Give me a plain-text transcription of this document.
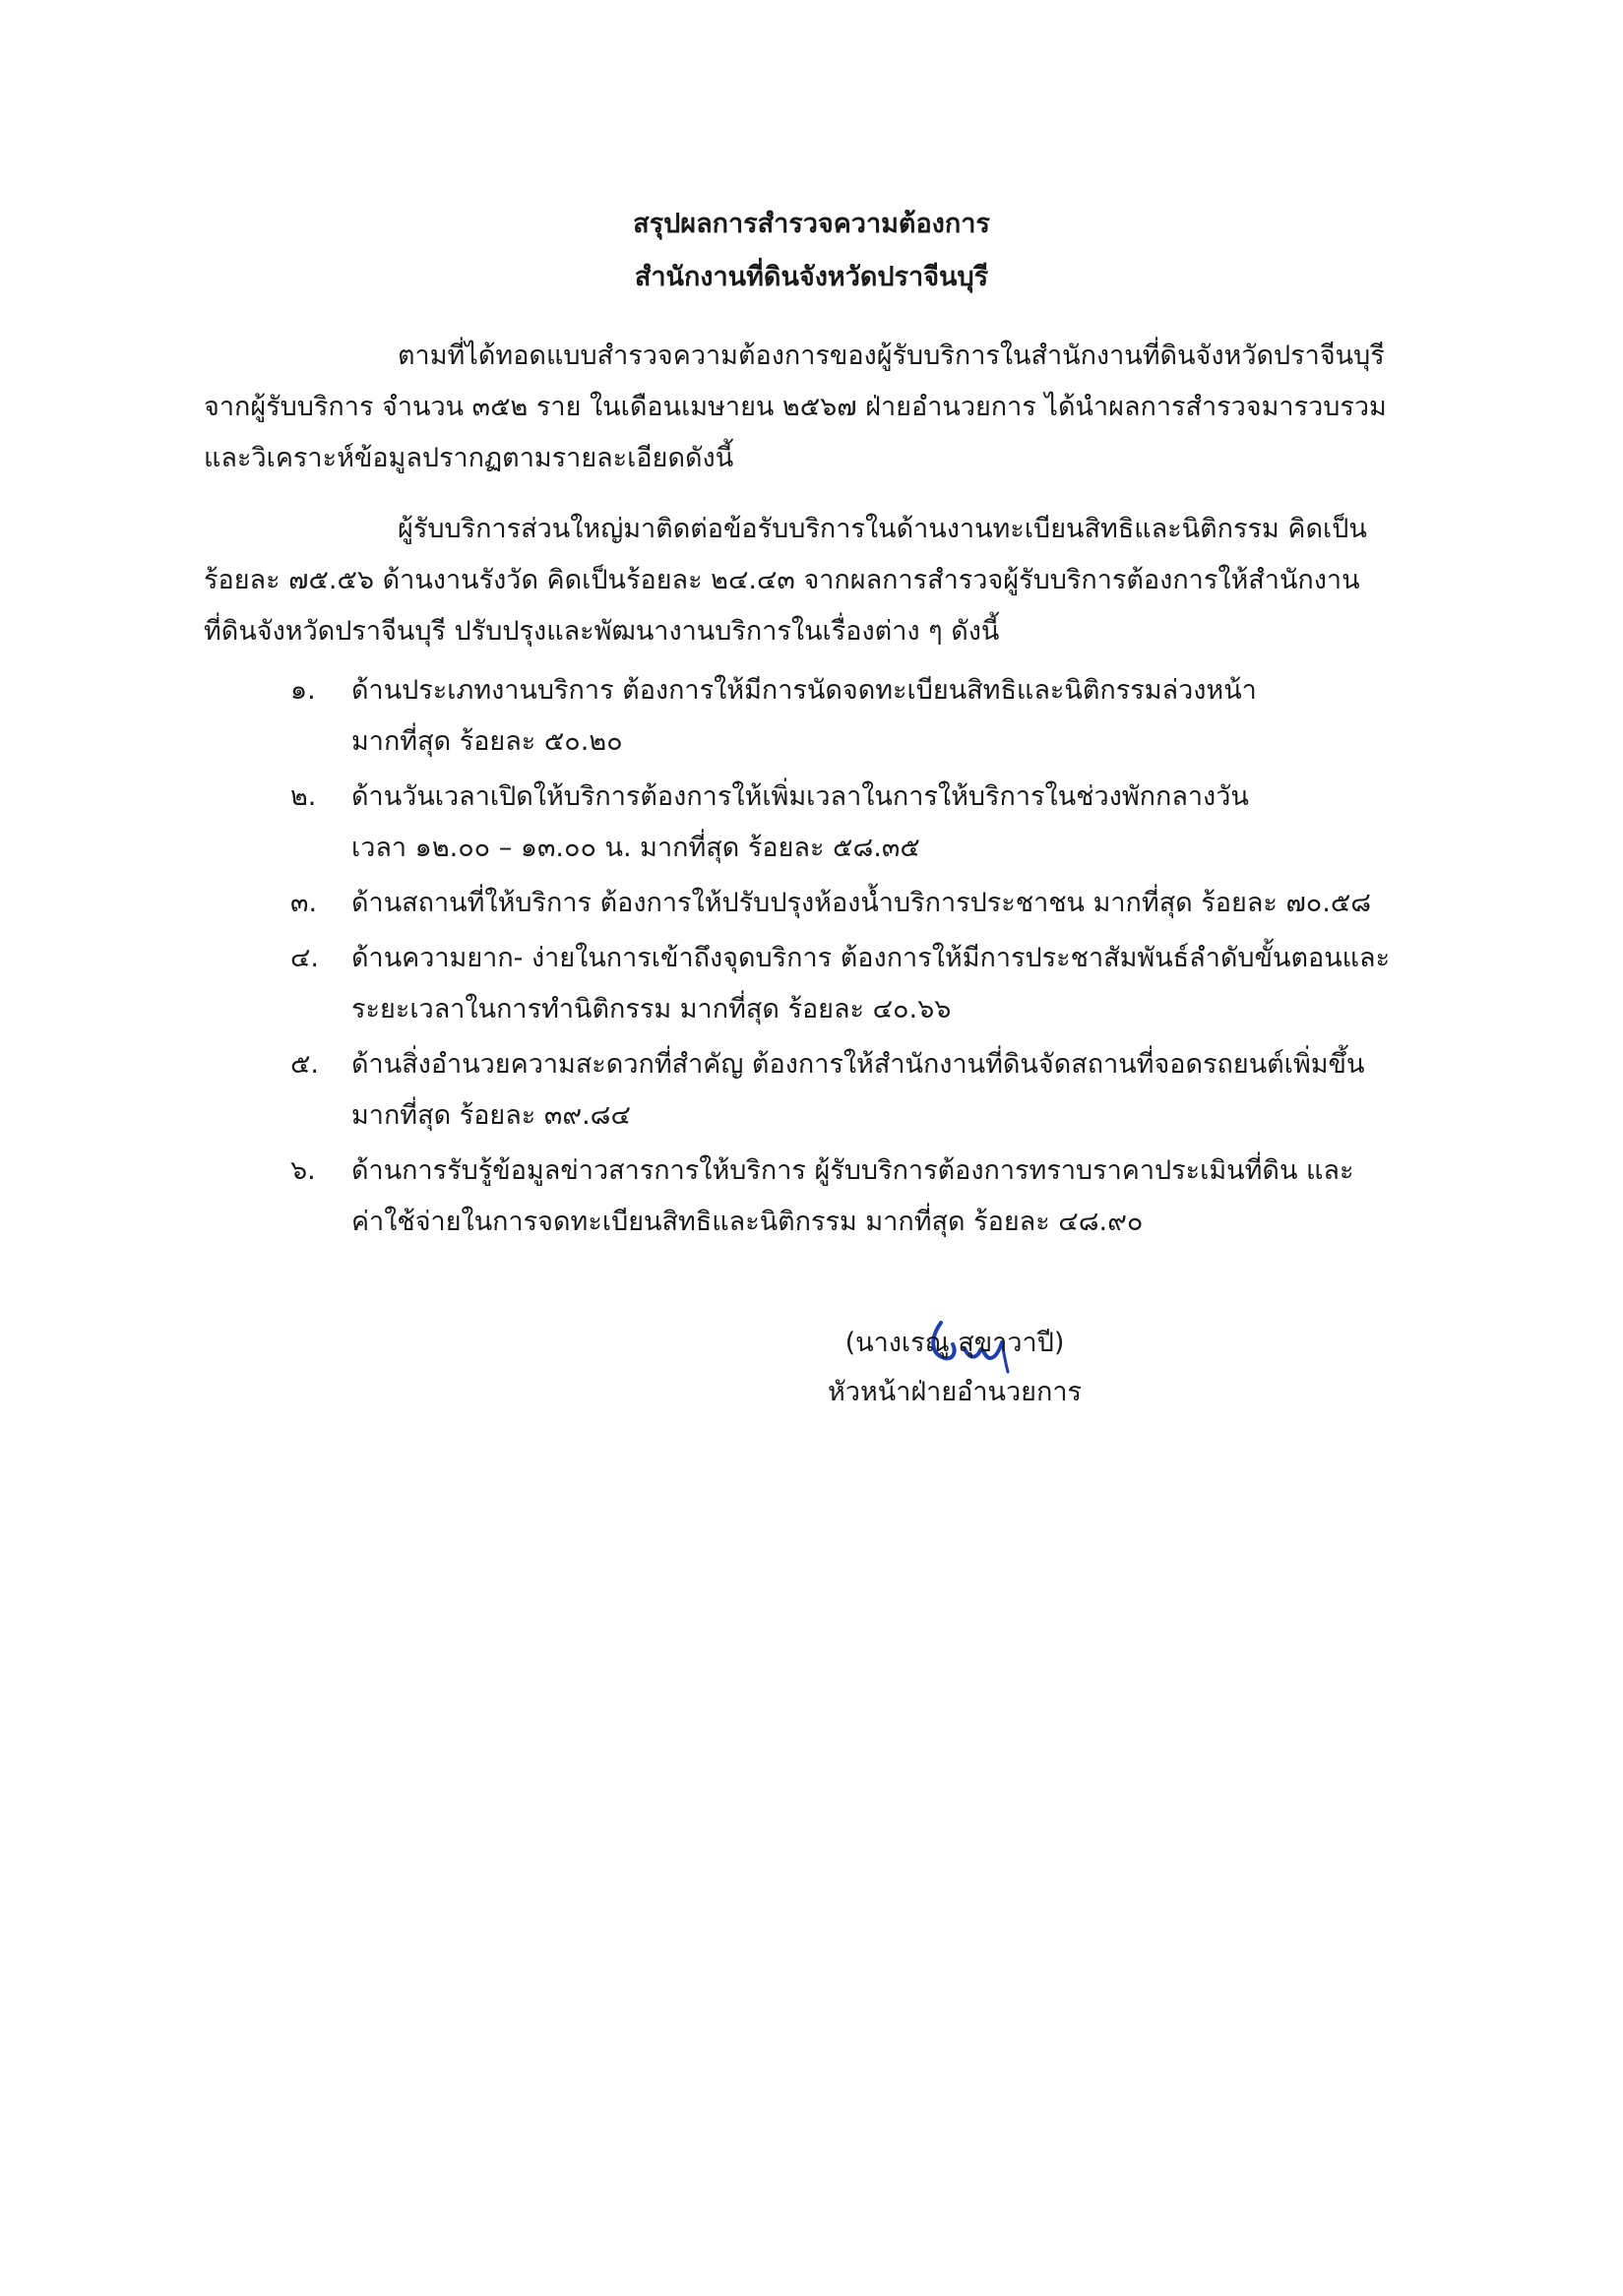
สรุปผลการสำรวจความต้องการ
สำนักงานที่ดินจังหวัดปราจีนบุรี
ตามที่ได้ทอดแบบสำรวจความต้องการของผู้รับบริการในสำนักงานที่ดินจังหวัดปราจีนบุรี
จากผู้รับบริการ จำนวน ๓๕๒ ราย ในเดือนเมษายน ๒๕๖๗ ฝ่ายอำนวยการ ได้นำผลการสำรวจมารวบรวม
และวิเคราะห์ข้อมูลปรากฏตามรายละเอียดดังนี้
ผู้รับบริการส่วนใหญ่มาติดต่อข้อรับบริการในด้านงานทะเบียนสิทธิและนิติกรรม คิดเป็น
ร้อยละ ๗๕.๕๖ ด้านงานรังวัด คิดเป็นร้อยละ ๒๔.๔๓ จากผลการสำรวจผู้รับบริการต้องการให้สำนักงาน
ที่ดินจังหวัดปราจีนบุรี ปรับปรุงและพัฒนางานบริการในเรื่องต่าง ๆ ดังนี้
๑. ด้านประเภทงานบริการ ต้องการให้มีการนัดจดทะเบียนสิทธิและนิติกรรมล่วงหน้า
มากที่สุด ร้อยละ ๕๐.๒๐
๒. ด้านวันเวลาเปิดให้บริการต้องการให้เพิ่มเวลาในการให้บริการในช่วงพักกลางวัน
เวลา ๑๒.๐๐ – ๑๓.๐๐ น. มากที่สุด ร้อยละ ๕๘.๓๕
๓. ด้านสถานที่ให้บริการ ต้องการให้ปรับปรุงห้องน้ำบริการประชาชน มากที่สุด ร้อยละ ๗๐.๕๘
๔. ด้านความยาก- ง่ายในการเข้าถึงจุดบริการ ต้องการให้มีการประชาสัมพันธ์ลำดับขั้นตอนและ
ระยะเวลาในการทำนิติกรรม มากที่สุด ร้อยละ ๔๐.๖๖
๕. ด้านสิ่งอำนวยความสะดวกที่สำคัญ ต้องการให้สำนักงานที่ดินจัดสถานที่จอดรถยนต์เพิ่มขึ้น
มากที่สุด ร้อยละ ๓๙.๘๔
๖. ด้านการรับรู้ข้อมูลข่าวสารการให้บริการ ผู้รับบริการต้องการทราบราคาประเมินที่ดิน และ
ค่าใช้จ่ายในการจดทะเบียนสิทธิและนิติกรรม มากที่สุด ร้อยละ ๔๘.๙๐
(นางเรณู สุขาวาปี)
หัวหน้าฝ่ายอำนวยการ
